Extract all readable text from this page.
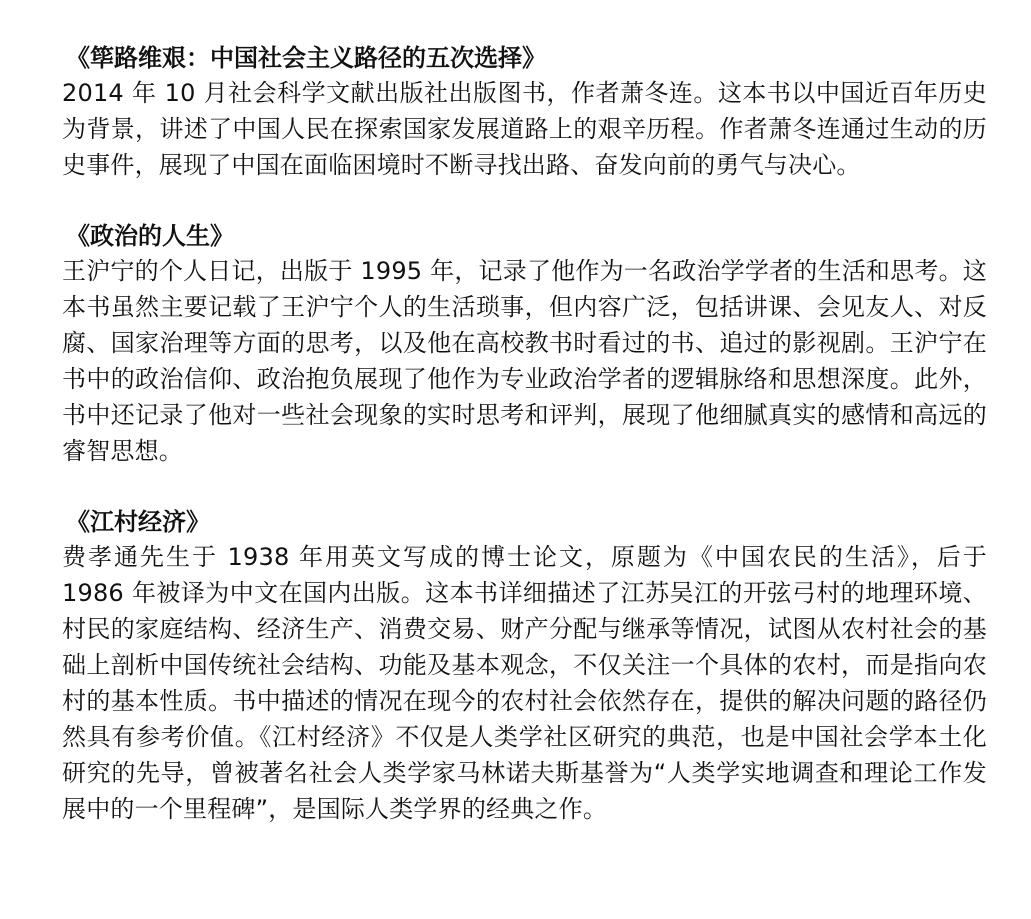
《筚路维艰：中国社会主义路径的五次选择》

2014 年 10 月社会科学文献出版社出版图书，作者萧冬连。这本书以中国近百年历史为背景，讲述了中国人民在探索国家发展道路上的艰辛历程。作者萧冬连通过生动的历史事件，展现了中国在面临困境时不断寻找出路、奋发向前的勇气与决心。

《政治的人生》

王沪宁的个人日记，出版于 1995 年，记录了他作为一名政治学学者的生活和思考。这本书虽然主要记载了王沪宁个人的生活琐事，但内容广泛，包括讲课、会见友人、对反腐、国家治理等方面的思考，以及他在高校教书时看过的书、追过的影视剧。王沪宁在书中的政治信仰、政治抱负展现了他作为专业政治学者的逻辑脉络和思想深度。此外，书中还记录了他对一些社会现象的实时思考和评判，展现了他细腻真实的感情和高远的睿智思想。

《江村经济》

费孝通先生于 1938 年用英文写成的博士论文，原题为《中国农民的生活》，后于 1986 年被译为中文在国内出版。这本书详细描述了江苏吴江的开弦弓村的地理环境、村民的家庭结构、经济生产、消费交易、财产分配与继承等情况，试图从农村社会的基础上剖析中国传统社会结构、功能及基本观念，不仅关注一个具体的农村，而是指向农村的基本性质。书中描述的情况在现今的农村社会依然存在，提供的解决问题的路径仍然具有参考价值。《江村经济》不仅是人类学社区研究的典范，也是中国社会学本土化研究的先导，曾被著名社会人类学家马林诺夫斯基誉为“人类学实地调查和理论工作发展中的一个里程碑”，是国际人类学界的经典之作。
